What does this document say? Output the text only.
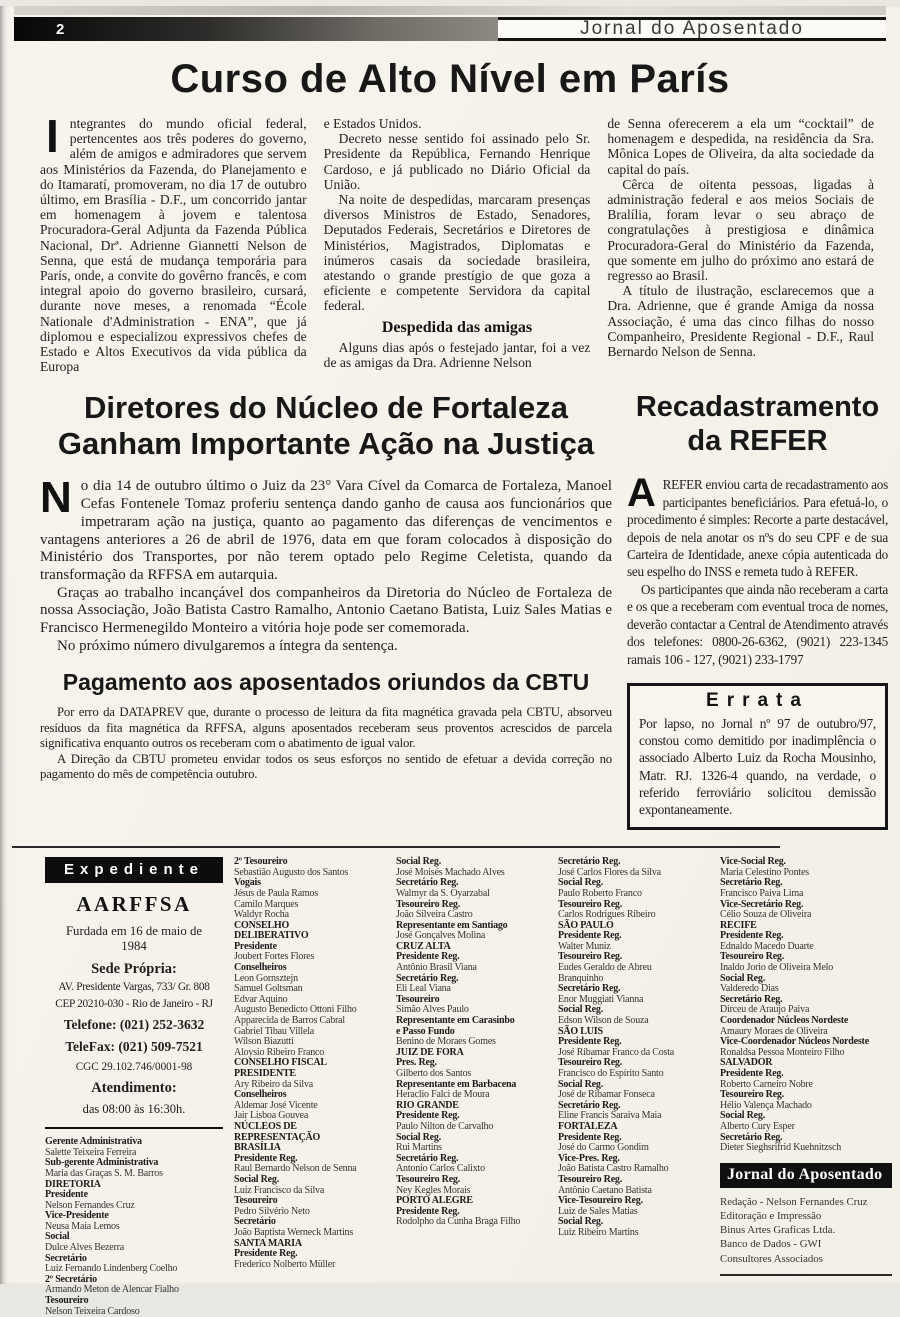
2	Jornal do Aposentado
Curso de Alto Nível em París

Integrantes do mundo oficial federal, pertencentes aos três poderes do governo, além de amigos e admiradores que servem aos Ministérios da Fazenda, do Planejamento e do Itamaratí, promoveram, no dia 17 de outubro último, em Brasília - D.F., um concorrido jantar em homenagem à jovem e talentosa Procuradora-Geral Adjunta da Fazenda Pública Nacional, Drª. Adrienne Giannetti Nelson de Senna, que está de mudança temporária para París, onde, a convite do govêrno francês, e com integral apoio do governo brasileiro, cursará, durante nove meses, a renomada “École Nationale d'Administration - ENA”, que já diplomou e especializou expressivos chefes de Estado e Altos Executivos da vida pública da Europa

e Estados Unidos.

Decreto nesse sentido foi assinado pelo Sr. Presidente da República, Fernando Henrique Cardoso, e já publicado no Diário Oficial da União.

Na noite de despedidas, marcaram presenças diversos Ministros de Estado, Senadores, Deputados Federais, Secretários e Diretores de Ministérios, Magistrados, Diplomatas e inúmeros casais da sociedade brasileira, atestando o grande prestígio de que goza a eficiente e competente Servidora da capital federal.

Despedida das amigas

Alguns dias após o festejado jantar, foi a vez de as amigas da Dra. Adrienne Nelson

de Senna oferecerem a ela um “cocktail” de homenagem e despedida, na residência da Sra. Mônica Lopes de Oliveira, da alta sociedade da capital do país.

Cêrca de oitenta pessoas, ligadas à administração federal e aos meios Sociais de Bralília, foram levar o seu abraço de congratulações à prestigiosa e dinâmica Procuradora-Geral do Ministério da Fazenda, que somente em julho do próximo ano estará de regresso ao Brasil.

A título de ilustração, esclarecemos que a Dra. Adrienne, que é grande Amiga da nossa Associação, é uma das cinco filhas do nosso Companheiro, Presidente Regional - D.F., Raul Bernardo Nelson de Senna.

Diretores do Núcleo de Fortaleza
Ganham Importante Ação na Justiça

No dia 14 de outubro último o Juiz da 23° Vara Cível da Comarca de Fortaleza, Manoel Cefas Fontenele Tomaz proferiu sentença dando ganho de causa aos funcionários que impetraram ação na justiça, quanto ao pagamento das diferenças de vencimentos e vantagens anteriores a 26 de abril de 1976, data em que foram colocados à disposição do Ministério dos Transportes, por não terem optado pelo Regime Celetista, quando da transformação da RFFSA em autarquia.

Graças ao trabalho incançável dos companheiros da Diretoria do Núcleo de Fortaleza de nossa Associação, João Batista Castro Ramalho, Antonio Caetano Batista, Luiz Sales Matias e Francisco Hermenegildo Monteiro a vitória hoje pode ser comemorada.

No próximo número divulgaremos a íntegra da sentença.

Pagamento aos aposentados oriundos da CBTU

Por erro da DATAPREV que, durante o processo de leitura da fita magnética gravada pela CBTU, absorveu resíduos da fita magnética da RFFSA, alguns aposentados receberam seus proventos acrescidos de parcela significativa enquanto outros os receberam com o abatimento de igual valor.

A Direção da CBTU prometeu envidar todos os seus esforços no sentido de efetuar a devida correção no pagamento do mês de competência outubro.

Recadastramento
da REFER

AREFER enviou carta de recadastramento aos participantes beneficiários. Para efetuá-lo, o procedimento é simples: Recorte a parte destacável, depois de nela anotar os nºs do seu CPF e de sua Carteira de Identidade, anexe cópia autenticada do seu espelho do INSS e remeta tudo à REFER.

Os participantes que ainda não receberam a carta e os que a receberam com eventual troca de nomes, deverão contactar a Central de Atendimento através dos telefones: 0800-26-6362, (9021) 223-1345 ramais 106 - 127, (9021) 233-1797

Errata

Por lapso, no Jornal nº 97 de outubro/97, constou como demitido por inadimplência o associado Alberto Luiz da Rocha Mousinho, Matr. RJ. 1326-4 quando, na verdade, o referido ferroviário solicitou demissão expontaneamente.

Expediente
AARFFSA
Furdada em 16 de maio de 1984
Sede Própria:
AV. Presidente Vargas, 733/ Gr. 808
CEP 20210-030 - Rio de Janeiro - RJ
Telefone: (021) 252-3632
TeleFax: (021) 509-7521
CGC 29.102.746/0001-98
Atendimento:
das 08:00 às 16:30h.
Gerente Administrativa
Salette Teixeira Ferreira
Sub-gerente Administrativa
Maria das Graças S. M. Barros
DIRETORIA
Presidente
Nelson Fernandes Cruz
Vice-Presidente
Neusa Maia Lemos
Social
Dulce Alves Bezerra
Secretário
Luiz Fernando Lindenberg Coelho
2º Secretário
Armando Meton de Alencar Fialho
Tesoureiro
Nelson Teixeira Cardoso
2º Tesoureiro
Sebastião Augusto dos Santos
Vogais
Jésus de Paula Ramos
Camilo Marques
Waldyr Rocha
CONSELHO
DELIBERATIVO
Presidente
Joubert Fortes Flores
Conselheiros
Leon Gornsztejn
Samuel Goltsman
Edvar Aquino
Augusto Benedicto Ottoni Filho
Apparecida de Barros Cabral
Gabriel Tibau Villela
Wilson Biazutti
Aloysio Ribeiro Franco
CONSELHO FISCAL
PRESIDENTE
Ary Ribeiro da Silva
Conselheiros
Aldemar José Vicente
Jair Lisboa Gouvea
NÚCLEOS DE
REPRESENTAÇÃO
BRASÍLIA
Presidente Reg.
Raul Bernardo Nelson de Senna
Social Reg.
Luiz Francisco da Silva
Tesoureiro
Pedro Silvério Neto
Secretário
João Baptista Werneck Martins
SANTA MARIA
Presidente Reg.
Frederico Nolberto Müller
Social Reg.
José Moisés Machado Alves
Secretário Reg.
Walmyr da S. Oyarzabal
Tesoureiro Reg.
João Silveira Castro
Representante em Santiago
José Gonçalves Molina
CRUZ ALTA
Presidente Reg.
Antônio Brasil Viana
Secretário Reg.
Eli Leal Viana
Tesoureiro
Simão Alves Paulo
Representante em Carasinbo
e Passo Fundo
Benino de Moraes Gomes
JUIZ DE FORA
Pres. Reg.
Gilberto dos Santos
Representante em Barbacena
Heraclio Falci de Moura
RIO GRANDE
Presidente Reg.
Paulo Nilton de Carvalho
Social Reg.
Rui Martins
Secretário Reg.
Antonio Carlos Calixto
Tesoureiro Reg.
Ney Kegles Morais
PORTO ALEGRE
Presidente Reg.
Rodolpho da Cunha Braga Filho
Secretário Reg.
José Carlos Flores da Silva
Social Reg.
Paulo Roberto Franco
Tesoureiro Reg.
Carlos Rodrigues Ribeiro
SÃO PAULO
Presidente Reg.
Walter Muniz
Tesoureiro Reg.
Eudes Geraldo de Abreu
Branquinho
Secretário Reg.
Enor Muggiati Vianna
Social Reg.
Edson Wilson de Souza
SÃO LUIS
Presidente Reg.
José Ribamar Franco da Costa
Tesoureiro Reg.
Francisco do Espírito Santo
Social Reg.
José de Ribamar Fonseca
Secretário Reg.
Eline Francis Saraiva Maia
FORTALEZA
Presidente Reg.
José do Carmo Gondim
Vice-Pres. Reg.
João Batista Castro Ramalho
Tesoureiro Reg.
Antônio Caetano Batista
Vice-Tesoureiro Reg.
Luiz de Sales Matias
Social Reg.
Luiz Ribeiro Martins
Vice-Social Reg.
Maria Celestino Pontes
Secretário Reg.
Francisco Paiva Lima
Vice-Secretário Reg.
Célio Souza de Oliveira
RECIFE
Presidente Reg.
Ednaldo Macedo Duarte
Tesoureiro Reg.
Inaldo Jorio de Oliveira Melo
Social Reg.
Valderedo Dias
Secretário Reg.
Dirceu de Araujo Paiva
Coordenador Núcleos Nordeste
Amaury Moraes de Oliveira
Vice-Coordenador Núcleos Nordeste
Ronaldsa Pessoa Monteiro Filho
SALVADOR
Presidente Reg.
Roberto Carneiro Nobre
Tesoureiro Reg.
Hélio Valença Machado
Social Reg.
Alberto Cury Esper
Secretário Reg.
Dieter Sieghsrifrid Kuehnitzsch
Jornal do Aposentado
Redação - Nelson Fernandes Cruz
Editoração e Impressão
Binus Artes Graficas Ltda.
Banco de Dados - GWI
Consultores Associados
